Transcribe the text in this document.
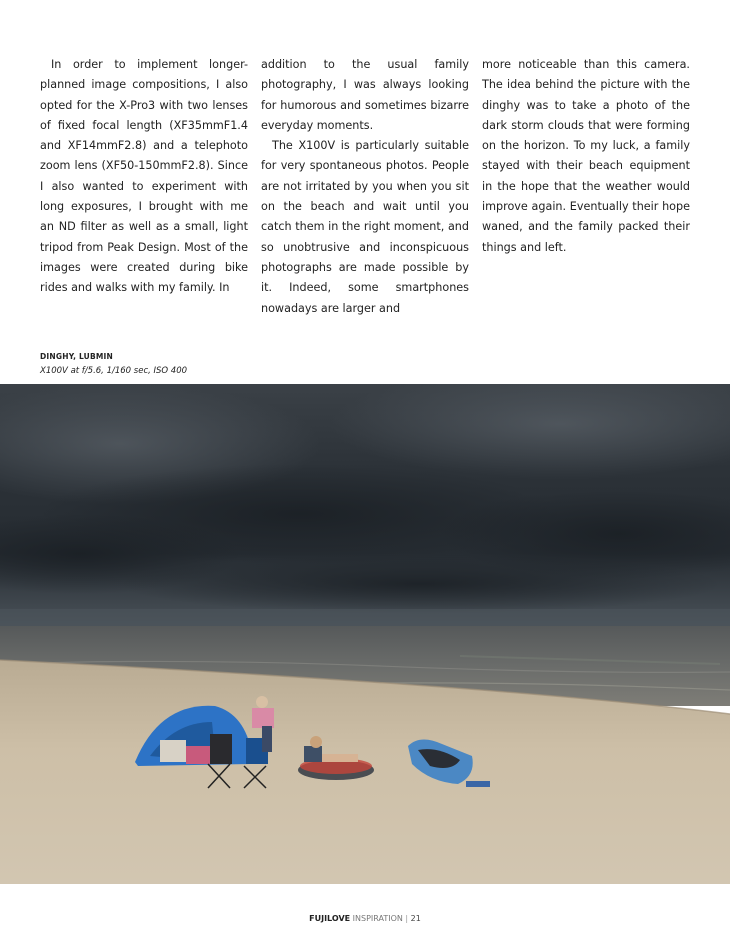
In order to implement longer-planned image compositions, I also opted for the X-Pro3 with two lenses of fixed focal length (XF35mmF1.4 and XF14mmF2.8) and a telephoto zoom lens (XF50-150mmF2.8). Since I also wanted to experiment with long exposures, I brought with me an ND filter as well as a small, light tripod from Peak Design. Most of the images were created during bike rides and walks with my family. In

addition to the usual family photography, I was always looking for humorous and sometimes bizarre everyday moments.

The X100V is particularly suitable for very spontaneous photos. People are not irritated by you when you sit on the beach and wait until you catch them in the right moment, and so unobtrusive and inconspicuous photographs are made possible by it. Indeed, some smartphones nowadays are larger and

more noticeable than this camera. The idea behind the picture with the dinghy was to take a photo of the dark storm clouds that were forming on the horizon. To my luck, a family stayed with their beach equipment in the hope that the weather would improve again. Eventually their hope waned, and the family packed their things and left.

DINGHY, LUBMIN
X100V at f/5.6, 1/160 sec, ISO 400
FUJILOVE INSPIRATION | 21
